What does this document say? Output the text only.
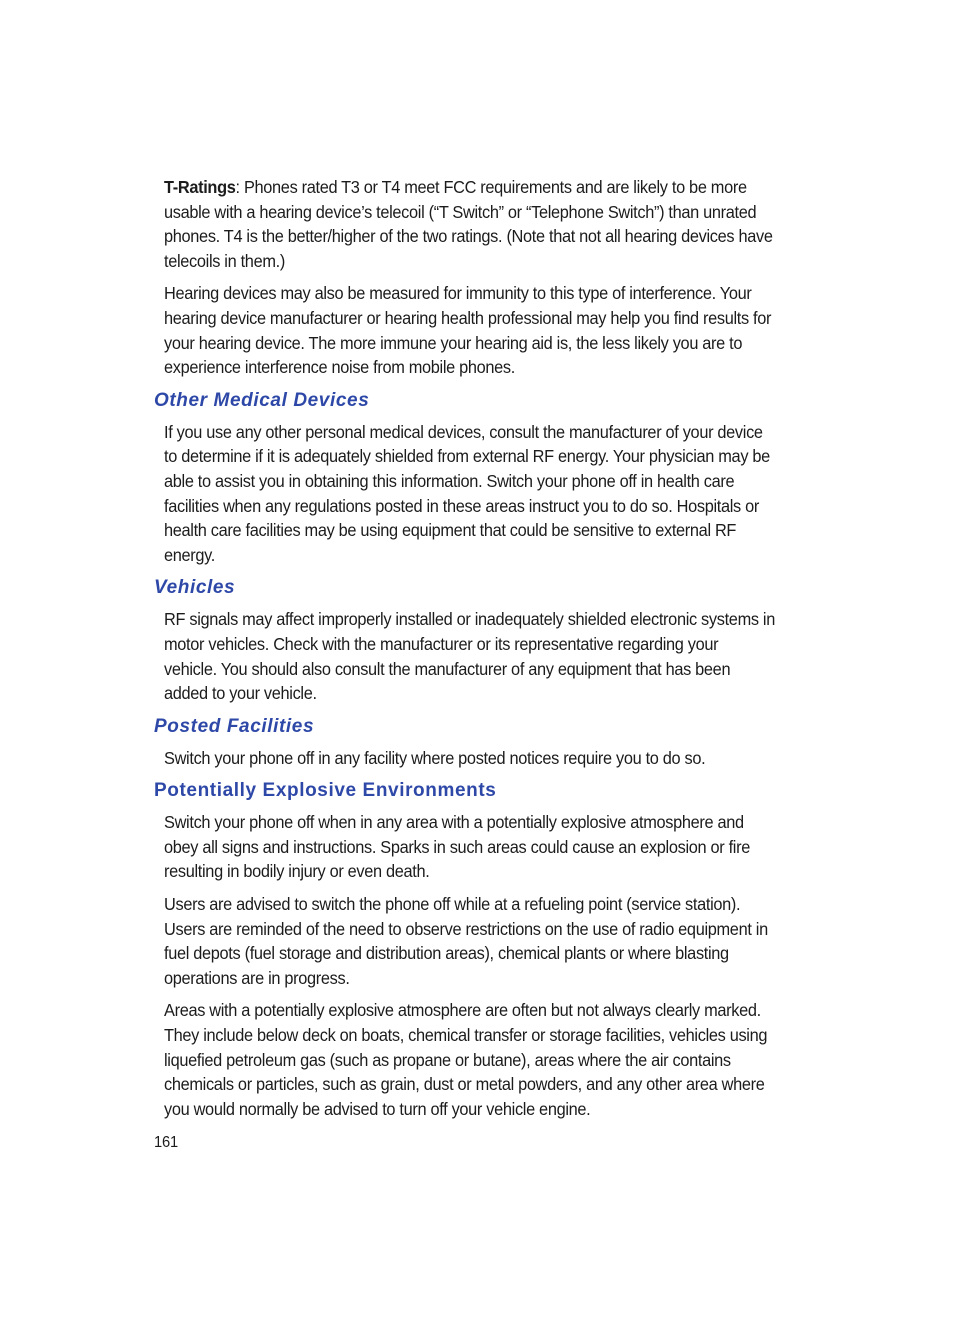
T-Ratings: Phones rated T3 or T4 meet FCC requirements and are likely to be more usable with a hearing device’s telecoil (“T Switch” or “Telephone Switch”) than unrated phones. T4 is the better/higher of the two ratings. (Note that not all hearing devices have telecoils in them.)

Hearing devices may also be measured for immunity to this type of interference. Your hearing device manufacturer or hearing health professional may help you find results for your hearing device. The more immune your hearing aid is, the less likely you are to experience interference noise from mobile phones.

Other Medical Devices

If you use any other personal medical devices, consult the manufacturer of your device to determine if it is adequately shielded from external RF energy. Your physician may be able to assist you in obtaining this information. Switch your phone off in health care facilities when any regulations posted in these areas instruct you to do so. Hospitals or health care facilities may be using equipment that could be sensitive to external RF energy.

Vehicles

RF signals may affect improperly installed or inadequately shielded electronic systems in motor vehicles. Check with the manufacturer or its representative regarding your vehicle. You should also consult the manufacturer of any equipment that has been added to your vehicle.

Posted Facilities

Switch your phone off in any facility where posted notices require you to do so.

Potentially Explosive Environments

Switch your phone off when in any area with a potentially explosive atmosphere and obey all signs and instructions. Sparks in such areas could cause an explosion or fire resulting in bodily injury or even death.

Users are advised to switch the phone off while at a refueling point (service station). Users are reminded of the need to observe restrictions on the use of radio equipment in fuel depots (fuel storage and distribution areas), chemical plants or where blasting operations are in progress.

Areas with a potentially explosive atmosphere are often but not always clearly marked. They include below deck on boats, chemical transfer or storage facilities, vehicles using liquefied petroleum gas (such as propane or butane), areas where the air contains chemicals or particles, such as grain, dust or metal powders, and any other area where you would normally be advised to turn off your vehicle engine.

161
